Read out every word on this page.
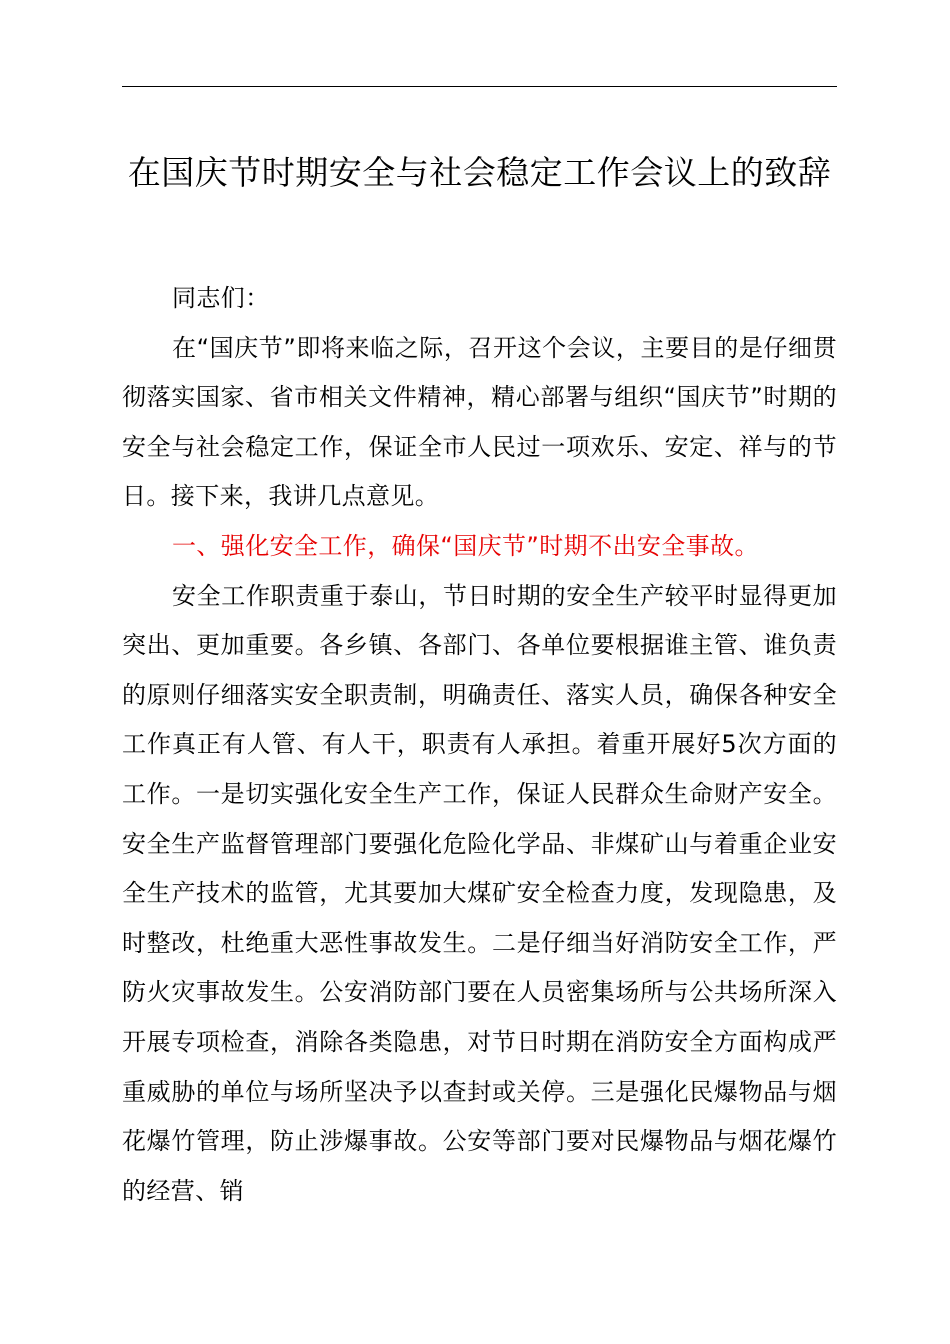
在国庆节时期安全与社会稳定工作会议上的致辞

同志们：

在“国庆节”即将来临之际，召开这个会议，主要目的是仔细贯彻落实国家、省市相关文件精神，精心部署与组织“国庆节”时期的安全与社会稳定工作，保证全市人民过一项欢乐、安定、祥与的节日。接下来，我讲几点意见。

一、强化安全工作，确保“国庆节”时期不出安全事故。

安全工作职责重于泰山，节日时期的安全生产较平时显得更加突出、更加重要。各乡镇、各部门、各单位要根据谁主管、谁负责的原则仔细落实安全职责制，明确责任、落实人员，确保各种安全工作真正有人管、有人干，职责有人承担。着重开展好5次方面的工作。一是切实强化安全生产工作，保证人民群众生命财产安全。安全生产监督管理部门要强化危险化学品、非煤矿山与着重企业安全生产技术的监管，尤其要加大煤矿安全检查力度，发现隐患，及时整改，杜绝重大恶性事故发生。二是仔细当好消防安全工作，严防火灾事故发生。公安消防部门要在人员密集场所与公共场所深入开展专项检查，消除各类隐患，对节日时期在消防安全方面构成严重威胁的单位与场所坚决予以查封或关停。三是强化民爆物品与烟花爆竹管理，防止涉爆事故。公安等部门要对民爆物品与烟花爆竹的经营、销
